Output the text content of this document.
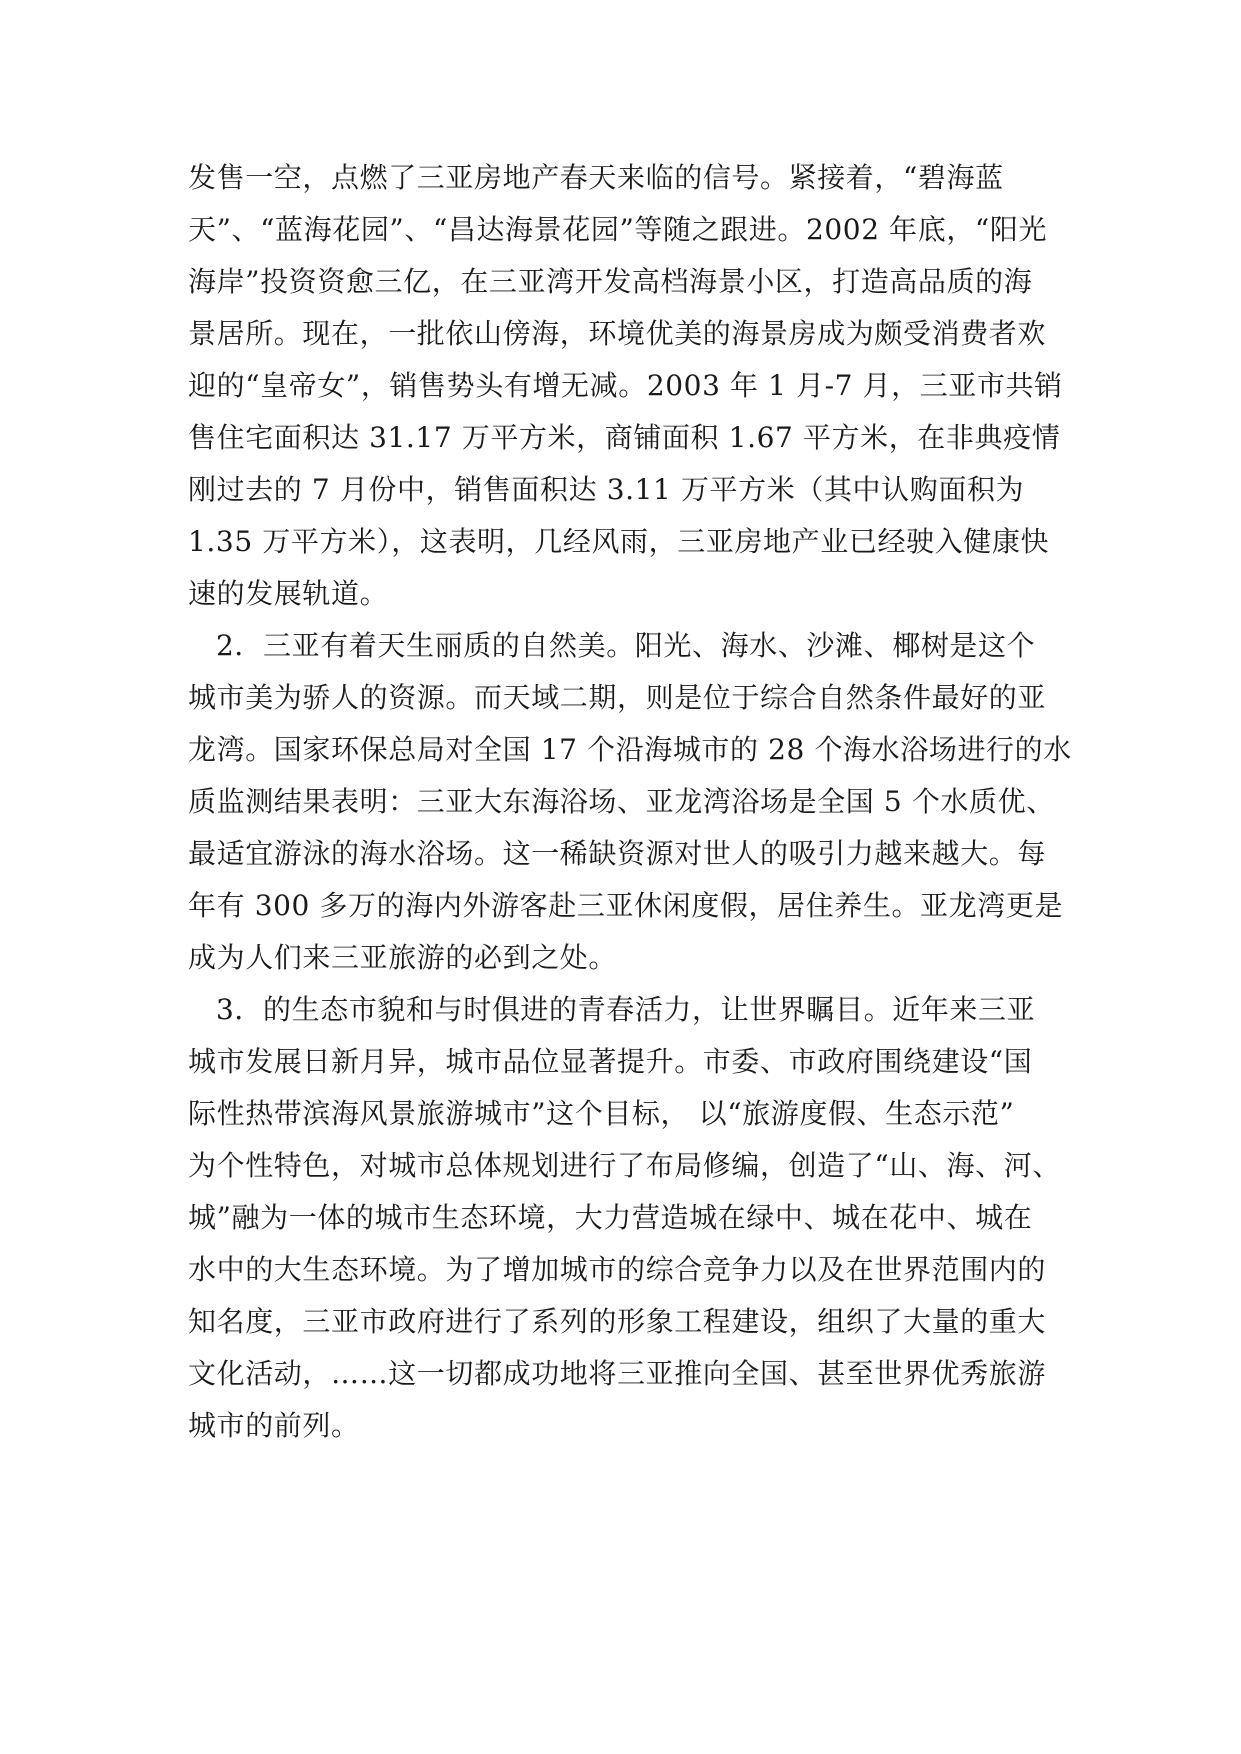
发售一空，点燃了三亚房地产春天来临的信号。紧接着，“碧海蓝
天”、“蓝海花园”、“昌达海景花园”等随之跟进。2002 年底，“阳光
海岸”投资资愈三亿，在三亚湾开发高档海景小区，打造高品质的海
景居所。现在，一批依山傍海，环境优美的海景房成为颇受消费者欢
迎的“皇帝女”，销售势头有增无减。2003 年 1 月-7 月，三亚市共销
售住宅面积达 31.17 万平方米，商铺面积 1.67 平方米，在非典疫情
刚过去的 7 月份中，销售面积达 3.11 万平方米（其中认购面积为
1.35 万平方米），这表明，几经风雨，三亚房地产业已经驶入健康快
速的发展轨道。
2．三亚有着天生丽质的自然美。阳光、海水、沙滩、椰树是这个
城市美为骄人的资源。而天域二期，则是位于综合自然条件最好的亚
龙湾。国家环保总局对全国 17 个沿海城市的 28 个海水浴场进行的水
质监测结果表明：三亚大东海浴场、亚龙湾浴场是全国 5 个水质优、
最适宜游泳的海水浴场。这一稀缺资源对世人的吸引力越来越大。每
年有 300 多万的海内外游客赴三亚休闲度假，居住养生。亚龙湾更是
成为人们来三亚旅游的必到之处。
3．的生态市貌和与时俱进的青春活力，让世界瞩目。近年来三亚
城市发展日新月异，城市品位显著提升。市委、市政府围绕建设“国
际性热带滨海风景旅游城市”这个目标， 以“旅游度假、生态示范”
为个性特色，对城市总体规划进行了布局修编，创造了“山、海、河、
城”融为一体的城市生态环境，大力营造城在绿中、城在花中、城在
水中的大生态环境。为了增加城市的综合竞争力以及在世界范围内的
知名度，三亚市政府进行了系列的形象工程建设，组织了大量的重大
文化活动，……这一切都成功地将三亚推向全国、甚至世界优秀旅游
城市的前列。
